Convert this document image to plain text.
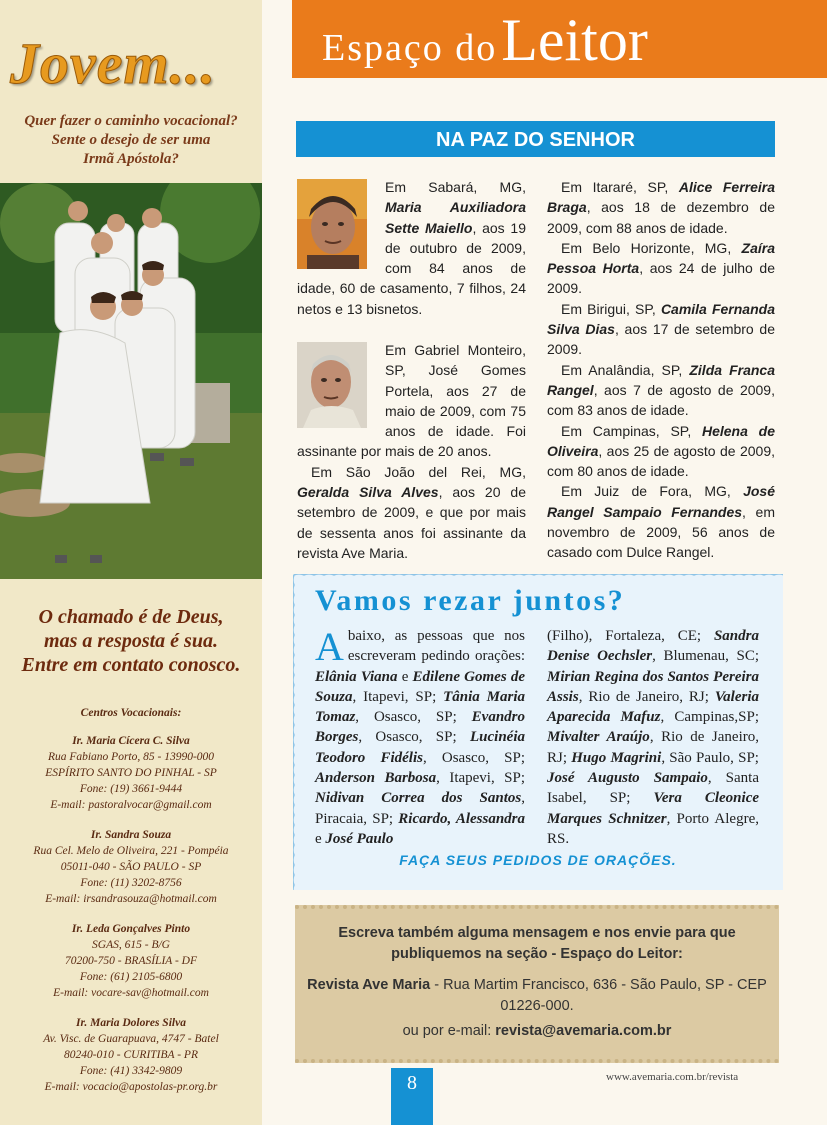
Jovem...
Quer fazer o caminho vocacional?
Sente o desejo de ser uma
Irmã Apóstola?
O chamado é de Deus,
mas a resposta é sua.
Entre em contato conosco.
Centros Vocacionais:
Ir. Maria Cícera C. Silva
Rua Fabiano Porto, 85 - 13990-000
ESPÍRITO SANTO DO PINHAL - SP
Fone: (19) 3661-9444
E-mail: pastoralvocar@gmail.com
Ir. Sandra Souza
Rua Cel. Melo de Oliveira, 221 - Pompéia
05011-040 - SÃO PAULO - SP
Fone: (11) 3202-8756
E-mail: irsandrasouza@hotmail.com
Ir. Leda Gonçalves Pinto
SGAS, 615 - B/G
70200-750 - BRASÍLIA - DF
Fone: (61) 2105-6800
E-mail: vocare-sav@hotmail.com
Ir. Maria Dolores Silva
Av. Visc. de Guarapuava, 4747 - Batel
80240-010 - CURITIBA - PR
Fone: (41) 3342-9809
E-mail: vocacio@apostolas-pr.org.br
Espaço do Leitor
NA PAZ DO SENHOR
Em Sabará, MG, Maria Auxiliadora Sette Maiello, aos 19 de outubro de 2009, com 84 anos de idade, 60 de casamento, 7 filhos, 24 netos e 13 bisnetos.
Em Gabriel Monteiro, SP, José Gomes Portela, aos 27 de maio de 2009, com 75 anos de idade. Foi assinante por mais de 20 anos.
 Em São João del Rei, MG, Geralda Silva Alves, aos 20 de setembro de 2009, e que por mais de sessenta anos foi assinante da revista Ave Maria.
 Em Itararé, SP, Alice Ferreira Braga, aos 18 de dezembro de 2009, com 88 anos de idade.
 Em Belo Horizonte, MG, Zaíra Pessoa Horta, aos 24 de julho de 2009.
 Em Birigui, SP, Camila Fernanda Silva Dias, aos 17 de setembro de 2009.
 Em Analândia, SP, Zilda Franca Rangel, aos 7 de agosto de 2009, com 83 anos de idade.
 Em Campinas, SP, Helena de Oliveira, aos 25 de agosto de 2009, com 80 anos de idade.
 Em Juiz de Fora, MG, José Rangel Sampaio Fernandes, em novembro de 2009, 56 anos de casado com Dulce Rangel.
Vamos rezar juntos?
Abaixo, as pessoas que nos escreveram pedindo orações: Elânia Viana e Edilene Gomes de Souza, Itapevi, SP; Tânia Maria Tomaz, Osasco, SP; Evandro Borges, Osasco, SP; Lucinéia Teodoro Fidélis, Osasco, SP; Anderson Barbosa, Itapevi, SP; Nidivan Correa dos Santos, Piracaia, SP; Ricardo, Alessandra e José Paulo
(Filho), Fortaleza, CE; Sandra Denise Oechsler, Blumenau, SC; Mirian Regina dos Santos Pereira Assis, Rio de Janeiro, RJ; Valeria Aparecida Mafuz, Campinas,SP; Mivalter Araújo, Rio de Janeiro, RJ; Hugo Magrini, São Paulo, SP; José Augusto Sampaio, Santa Isabel, SP; Vera Cleonice Marques Schnitzer, Porto Alegre, RS.
FAÇA SEUS PEDIDOS DE ORAÇÕES.
Escreva também alguma mensagem e nos envie para que publiquemos na seção - Espaço do Leitor:
Revista Ave Maria - Rua Martim Francisco, 636 - São Paulo, SP - CEP 01226-000.
ou por e-mail: revista@avemaria.com.br
8	www.avemaria.com.br/revista
